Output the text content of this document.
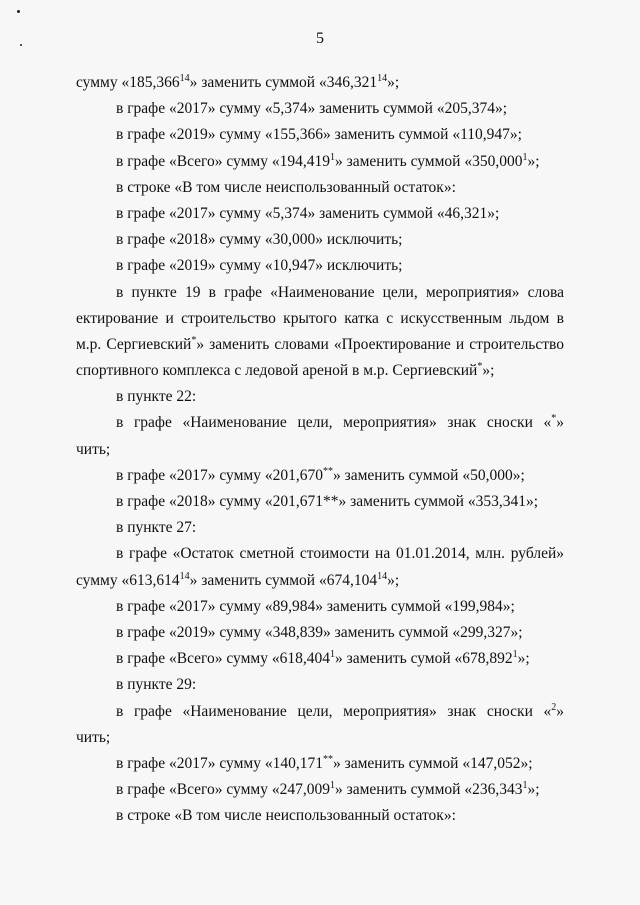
5
сумму «185,366$^{14}$» заменить суммой «346,321$^{14}$»;
в графе «2017» сумму «5,374» заменить суммой «205,374»;
в графе «2019» сумму «155,366» заменить суммой «110,947»;
в графе «Всего» сумму «194,419$^1$» заменить суммой «350,000$^1$»;
в строке «В том числе неиспользованный остаток»:
в графе «2017» сумму «5,374» заменить суммой «46,321»;
в графе «2018» сумму «30,000» исключить;
в графе «2019» сумму «10,947» исключить;
в пункте 19 в графе «Наименование цели, мероприятия» слова
ектирование и строительство крытого катка с искусственным льдом в
м.р. Сергиевский*» заменить словами «Проектирование и строительство
спортивного комплекса с ледовой ареной в м.р. Сергиевский*»;
в пункте 22:
в графе «Наименование цели, мероприятия» знак сноски «*»
чить;
в графе «2017» сумму «201,670**» заменить суммой «50,000»;
в графе «2018» сумму «201,671**» заменить суммой «353,341»;
в пункте 27:
в графе «Остаток сметной стоимости на 01.01.2014, млн. рублей»
сумму «613,614$^{14}$» заменить суммой «674,104$^{14}$»;
в графе «2017» сумму «89,984» заменить суммой «199,984»;
в графе «2019» сумму «348,839» заменить суммой «299,327»;
в графе «Всего» сумму «618,404$^1$» заменить сумой «678,892$^1$»;
в пункте 29:
в графе «Наименование цели, мероприятия» знак сноски «$^2$»
чить;
в графе «2017» сумму «140,171**» заменить суммой «147,052»;
в графе «Всего» сумму «247,009$^1$» заменить суммой «236,343$^1$»;
в строке «В том числе неиспользованный остаток»:
